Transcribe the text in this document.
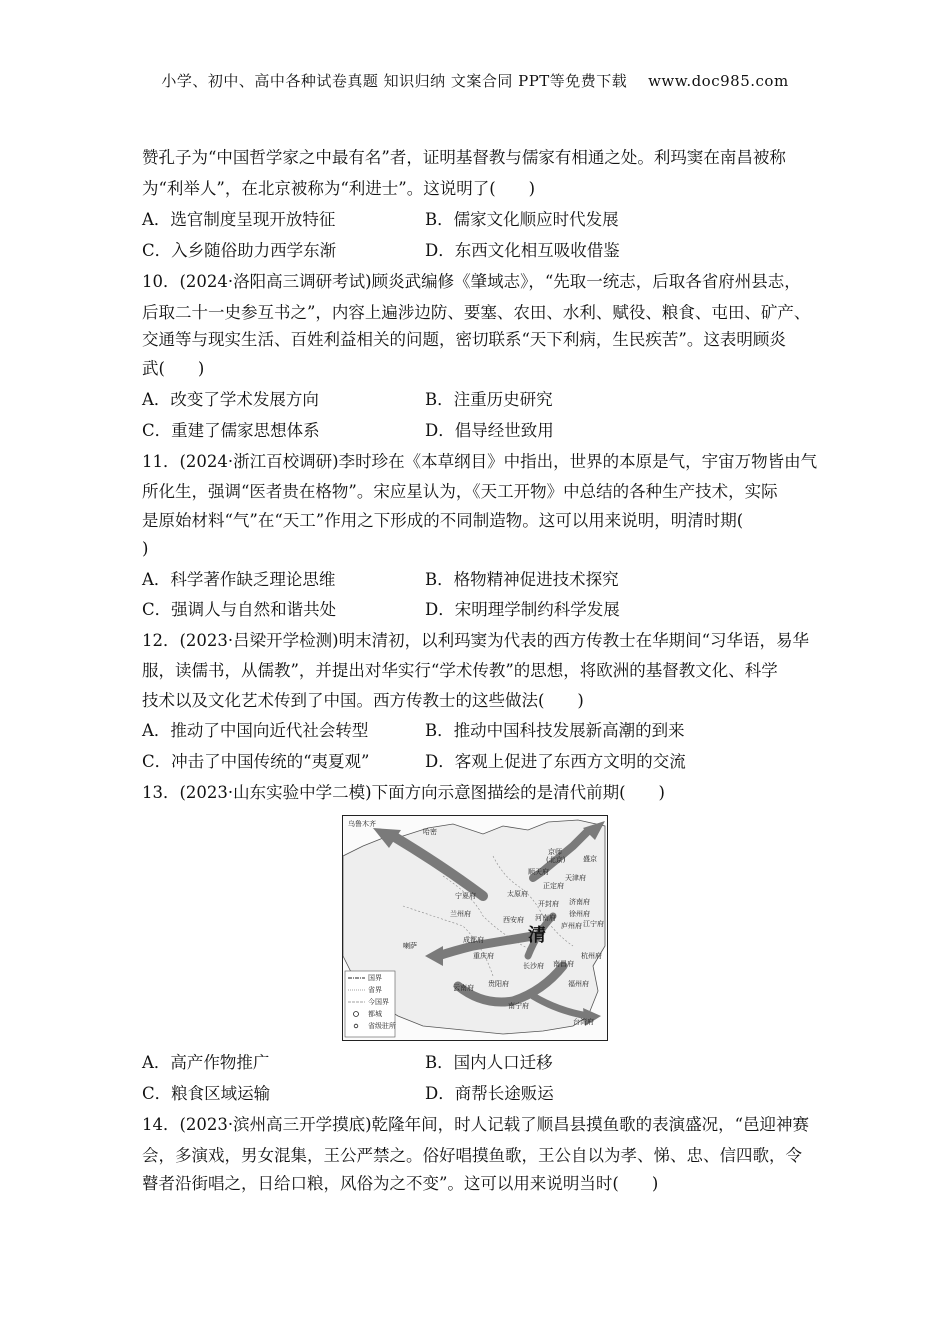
小学、初中、高中各种试卷真题 知识归纳 文案合同 PPT等免费下载　 www.doc985.com
赞孔子为“中国哲学家之中最有名”者，证明基督教与儒家有相通之处。利玛窦在南昌被称
为“利举人”，在北京被称为“利进士”。这说明了(　　)
A．选官制度呈现开放特征	B．儒家文化顺应时代发展
C．入乡随俗助力西学东渐	D．东西文化相互吸收借鉴
10．(2024·洛阳高三调研考试)顾炎武编修《肇域志》，“先取一统志，后取各省府州县志，
后取二十一史参互书之”，内容上遍涉边防、要塞、农田、水利、赋役、粮食、屯田、矿产、
交通等与现实生活、百姓利益相关的问题，密切联系“天下利病，生民疾苦”。这表明顾炎
武(　　)
A．改变了学术发展方向	B．注重历史研究
C．重建了儒家思想体系	D．倡导经世致用
11．(2024·浙江百校调研)李时珍在《本草纲目》中指出，世界的本原是气，宇宙万物皆由气
所化生，强调“医者贵在格物”。宋应星认为，《天工开物》中总结的各种生产技术，实际
是原始材料“气”在“天工”作用之下形成的不同制造物。这可以用来说明，明清时期(
)
A．科学著作缺乏理论思维	B．格物精神促进技术探究
C．强调人与自然和谐共处	D．宋明理学制约科学发展
12．(2023·吕梁开学检测)明末清初，以利玛窦为代表的西方传教士在华期间“习华语，易华
服，读儒书，从儒教”，并提出对华实行“学术传教”的思想，将欧洲的基督教文化、科学
技术以及文化艺术传到了中国。西方传教士的这些做法(　　)
A．推动了中国向近代社会转型	B．推动中国科技发展新高潮的到来
C．冲击了中国传统的“夷夏观”	D．客观上促进了东西方文明的交流
13．(2023·山东实验中学二模)下面方向示意图描绘的是清代前期(　　)
清
乌鲁木齐
哈密
京师
(北京)	盛京
顺天府
天津府
正定府
太原府
宁夏府
开封府 济南府
兰州府	徐州府
西安府 河南府
江宁府
庐州府
成都府
重庆府
长沙府 南昌府
杭州府
喇萨
云南府 贵阳府	福州府
南宁府
台湾府
国界
省界
今国界
都城
省级驻所
A．高产作物推广	B．国内人口迁移
C．粮食区域运输	D．商帮长途贩运
14．(2023·滨州高三开学摸底)乾隆年间，时人记载了顺昌县摸鱼歌的表演盛况，“邑迎神赛
会，多演戏，男女混集，王公严禁之。俗好唱摸鱼歌，王公自以为孝、悌、忠、信四歌，令
瞽者沿街唱之，日给口粮，风俗为之不变”。这可以用来说明当时(　　)
